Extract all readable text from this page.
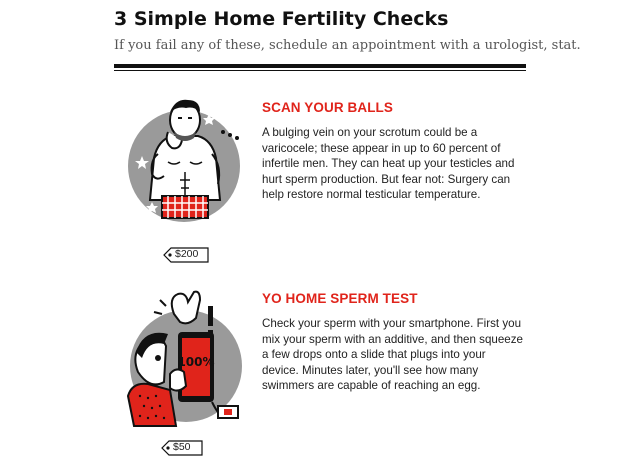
3 Simple Home Fertility Checks
If you fail any of these, schedule an appointment with a urologist, stat.
SCAN YOUR BALLS
A bulging vein on your scrotum could be a varicocele; these appear in up to 60 percent of infertile men. They can heat up your testicles and hurt sperm production. But fear not: Surgery can help restore normal testicular temperature.
$200
100%
YO HOME SPERM TEST
Check your sperm with your smartphone. First you mix your sperm with an additive, and then squeeze a few drops onto a slide that plugs into your device. Minutes later, you'll see how many swimmers are capable of reaching an egg.
$50
